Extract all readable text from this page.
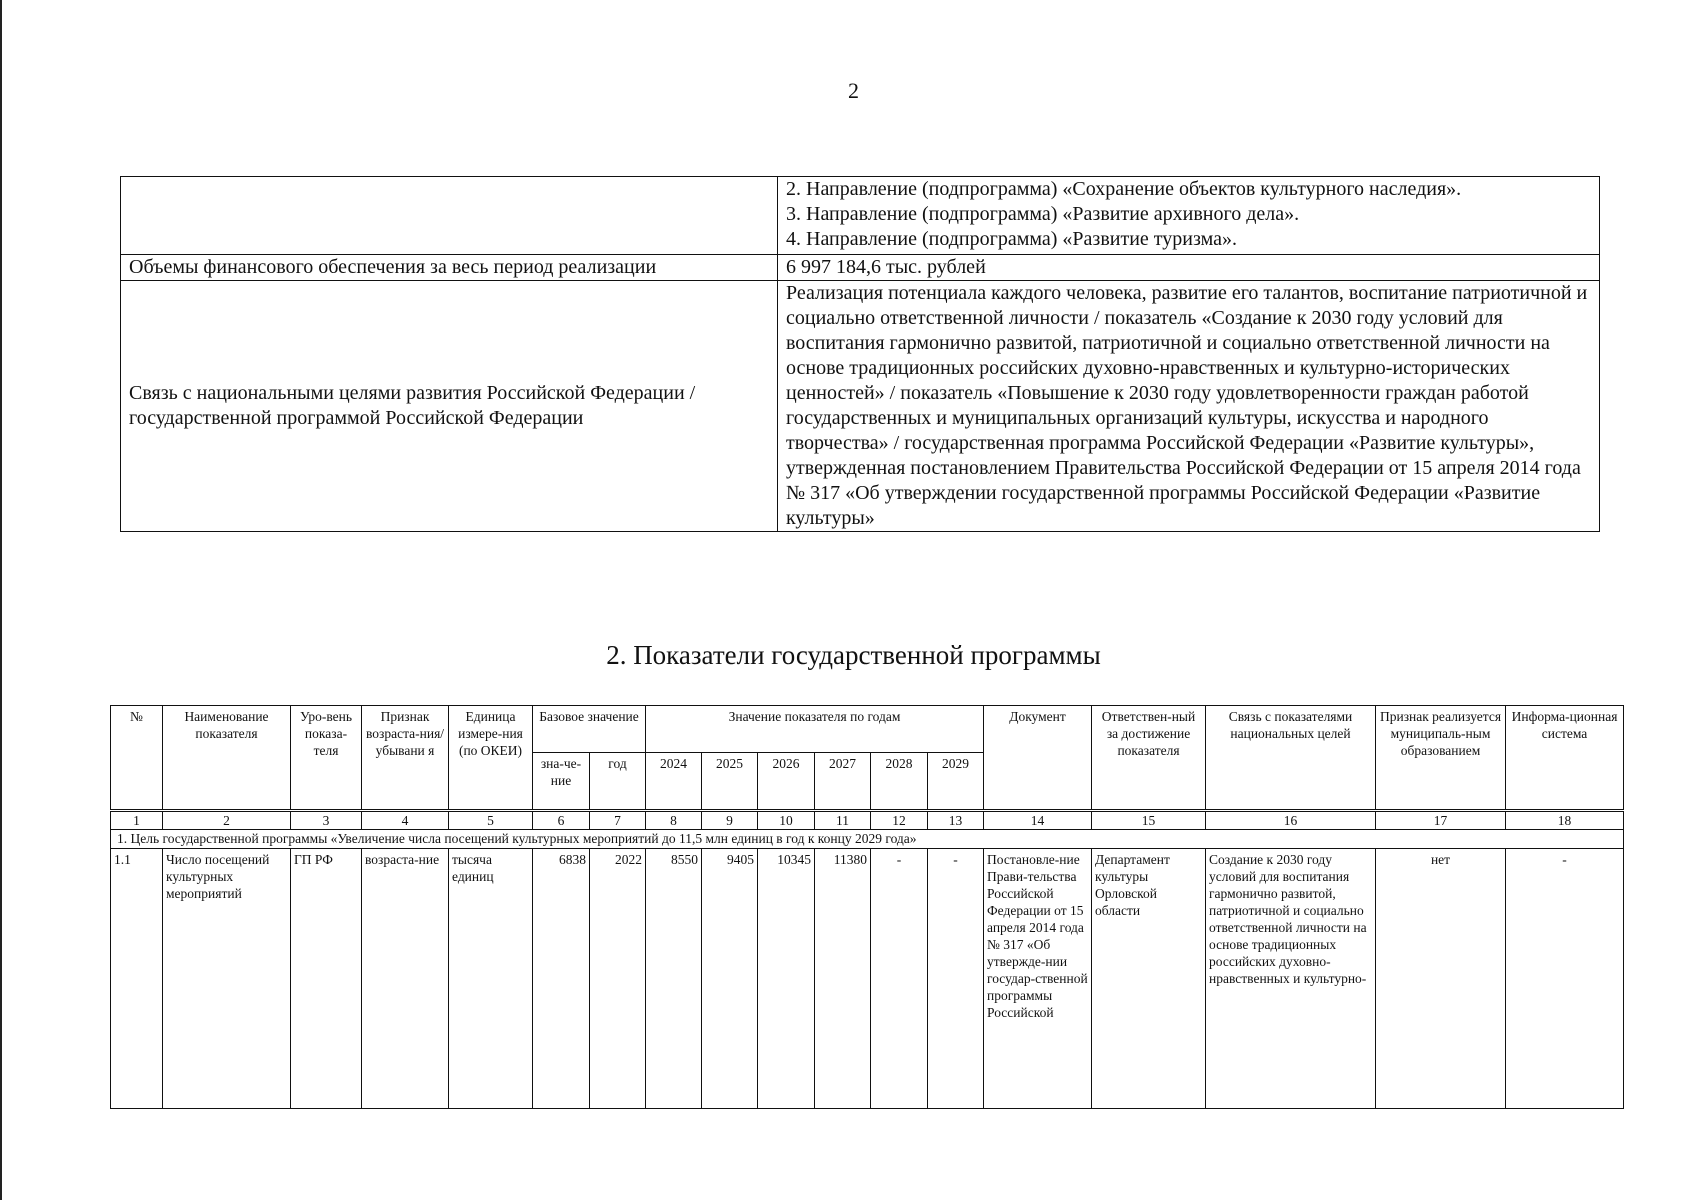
2
	2. Направление (подпрограмма) «Сохранение объектов культурного наследия».
3. Направление (подпрограмма) «Развитие архивного дела».
4. Направление (подпрограмма) «Развитие туризма».
Объемы финансового обеспечения за весь период реализации	6 997 184,6 тыс. рублей
Связь с национальными целями развития Российской Федерации / государственной программой Российской Федерации	Реализация потенциала каждого человека, развитие его талантов, воспитание патриотичной и социально ответственной личности / показатель «Создание к 2030 году условий для воспитания гармонично развитой, патриотичной и социально ответственной личности на основе традиционных российских духовно-нравственных и культурно-исторических ценностей» / показатель «Повышение к 2030 году удовлетворенности граждан работой государственных и муниципальных организаций культуры, искусства и народного творчества» / государственная программа Российской Федерации «Развитие культуры», утвержденная постановлением Правительства Российской Федерации от 15 апреля 2014 года
№ 317 «Об утверждении государственной программы Российской Федерации «Развитие культуры»
2. Показатели государственной программы
№	Наименование показателя	Уро-вень показа-теля	Признак возраста-ния/ убывани я	Единица измере-ния (по ОКЕИ)	Базовое значение		Значение показателя по годам						Документ	Ответствен-ный за достижение показателя	Связь с показателями национальных целей	Признак реализуется муниципаль-ным образованием	Информа-ционная система
					зна-че-ние	год	2024	2025	2026	2027	2028	2029					
1	2	3	4	5	6	7	8	9	10	11	12	13	14	15	16	17	18
1. Цель государственной программы «Увеличение числа посещений культурных мероприятий до 11,5 млн единиц в год к концу 2029 года»																	
1.1	Число посещений культурных мероприятий	ГП РФ	возраста-ние	тысяча единиц	6838	2022	8550	9405	10345	11380	-	-	Постановле-ние Прави-тельства Российской Федерации от 15 апреля 2014 года № 317 «Об утвержде-нии государ-ственной программы Российской	Департамент культуры Орловской области	Создание к 2030 году условий для воспитания гармонично развитой, патриотичной и социально ответственной личности на основе традиционных российских духовно-нравственных и культурно-	нет	-
